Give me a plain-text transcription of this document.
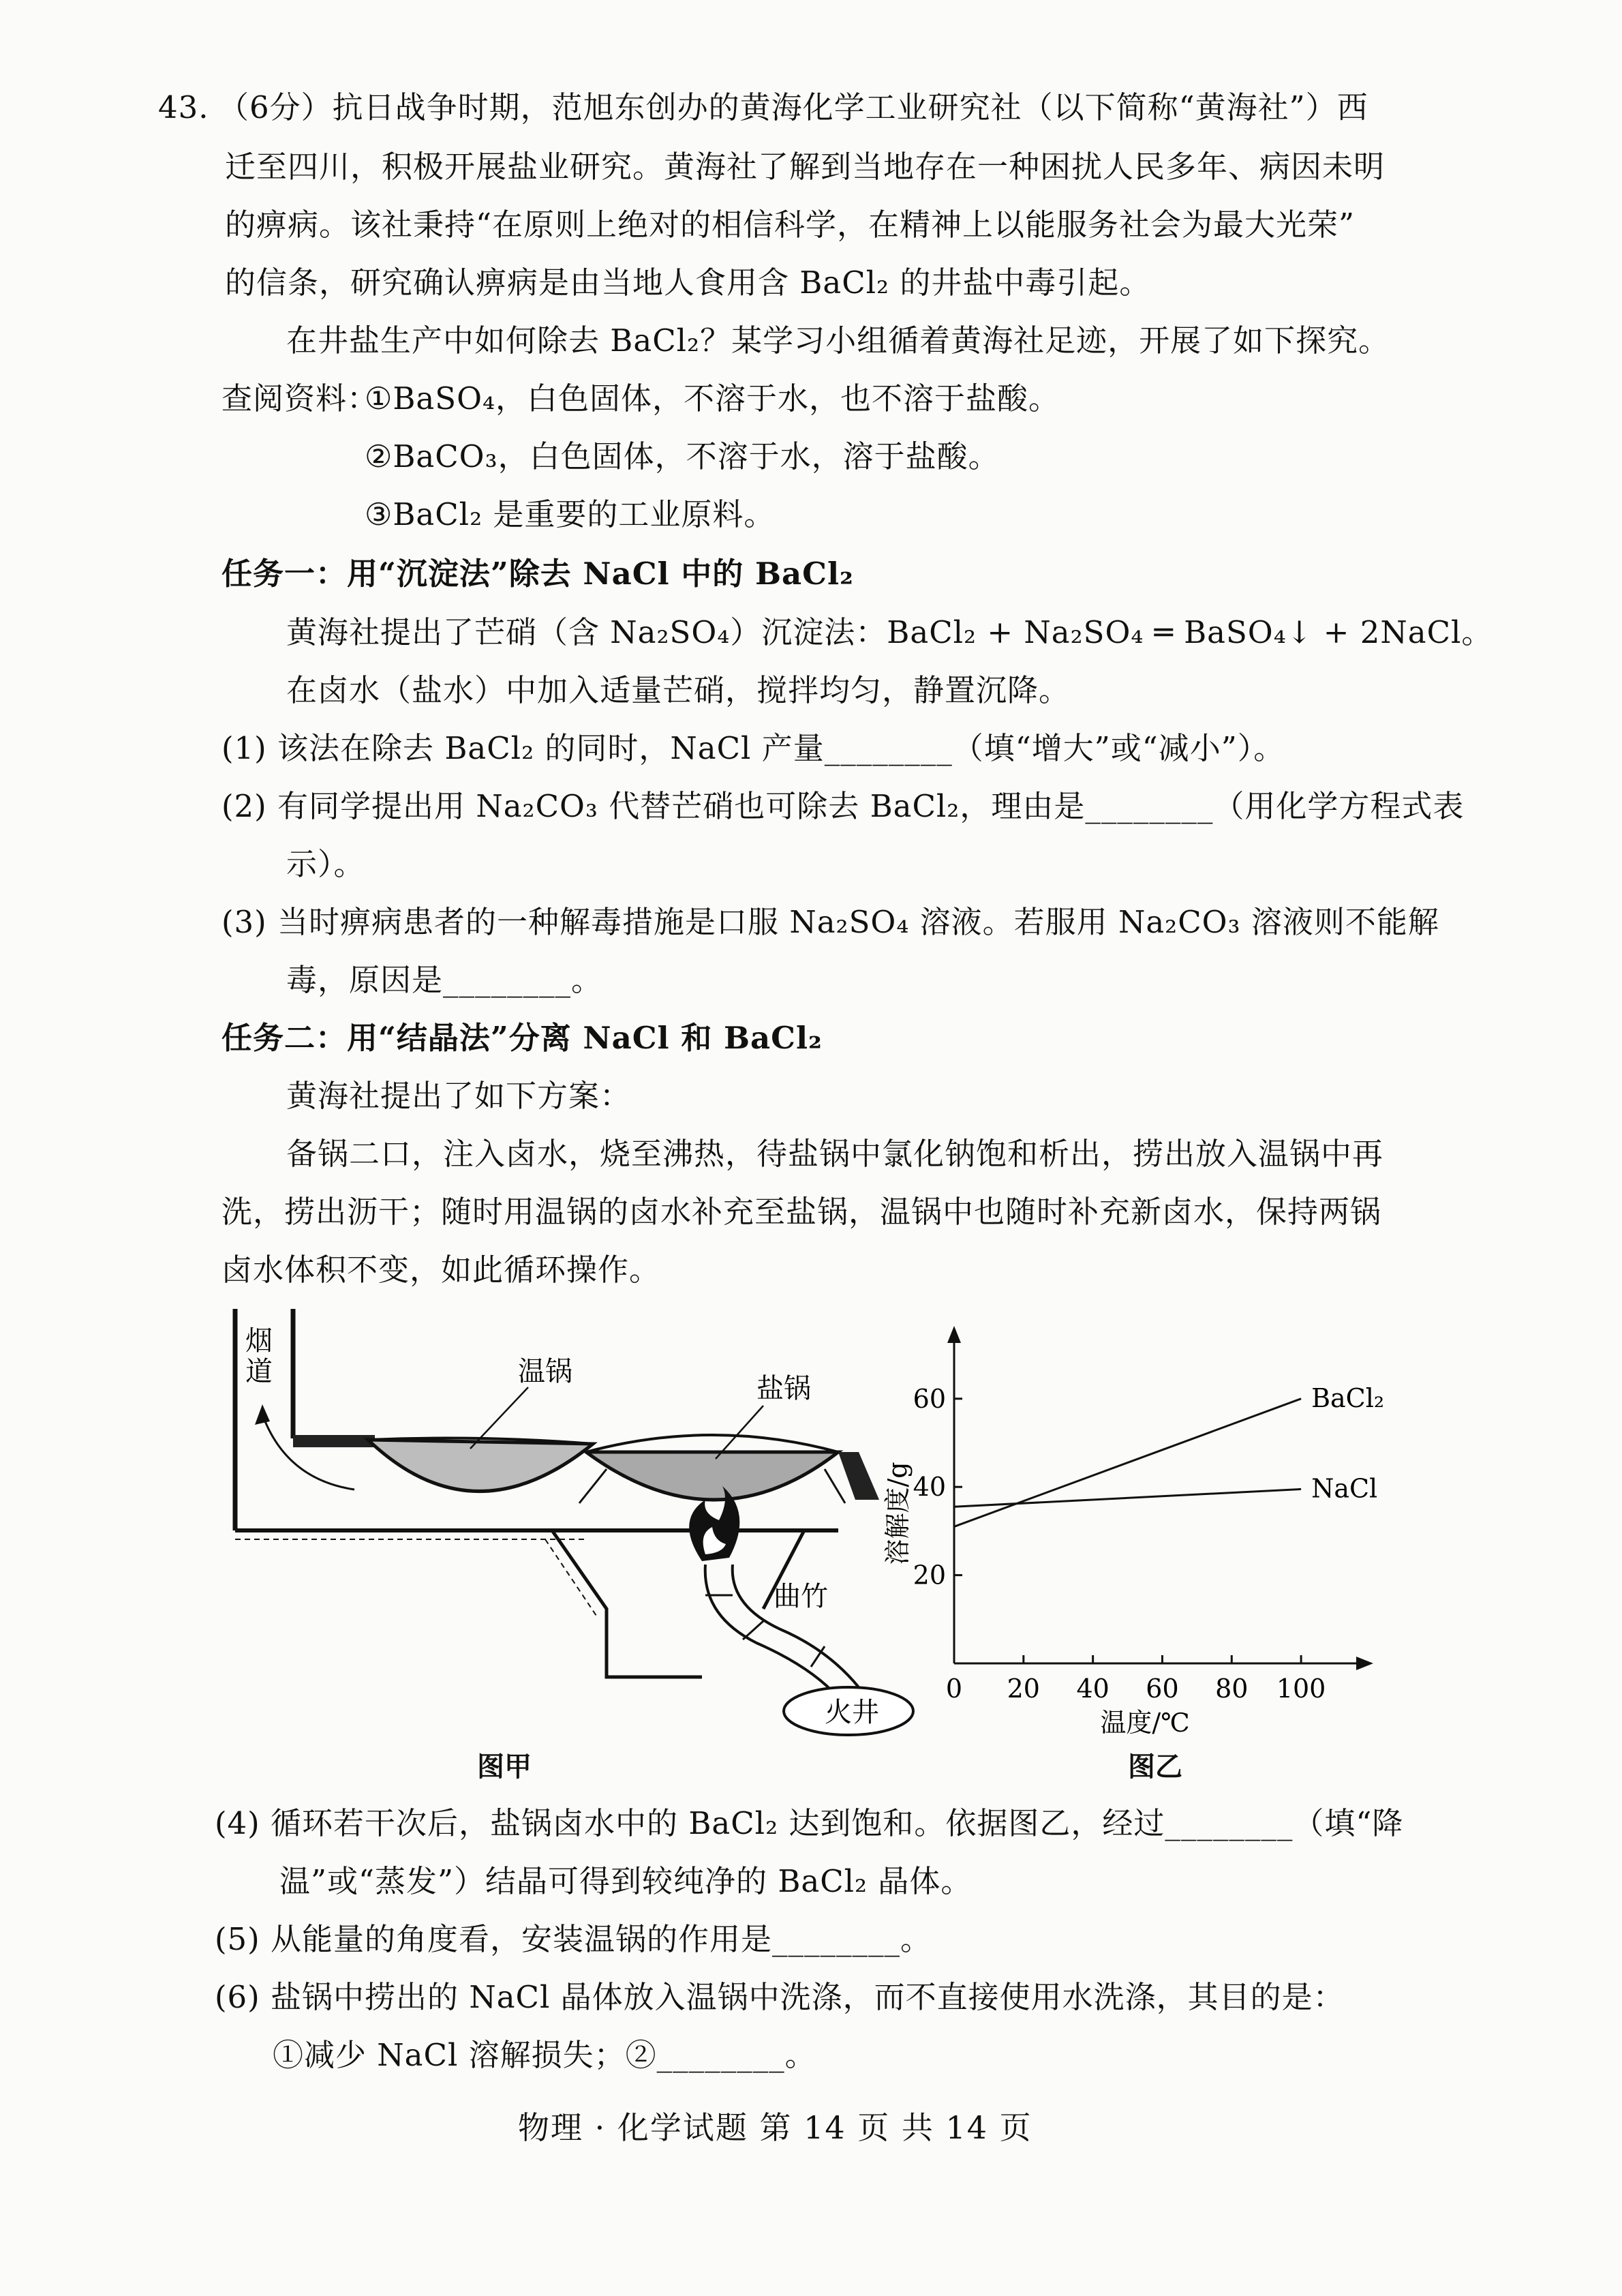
43. （6分）抗日战争时期，范旭东创办的黄海化学工业研究社（以下简称“黄海社”）西
迁至四川，积极开展盐业研究。黄海社了解到当地存在一种困扰人民多年、病因未明
的痹病。该社秉持“在原则上绝对的相信科学，在精神上以能服务社会为最大光荣”
的信条，研究确认痹病是由当地人食用含 BaCl₂ 的井盐中毒引起。
在井盐生产中如何除去 BaCl₂？某学习小组循着黄海社足迹，开展了如下探究。
查阅资料：
①BaSO₄，白色固体，不溶于水，也不溶于盐酸。
②BaCO₃，白色固体，不溶于水，溶于盐酸。
③BaCl₂ 是重要的工业原料。
任务一：用“沉淀法”除去 NaCl 中的 BaCl₂
黄海社提出了芒硝（含 Na₂SO₄）沉淀法：BaCl₂ + Na₂SO₄ ═ BaSO₄↓ + 2NaCl。
在卤水（盐水）中加入适量芒硝，搅拌均匀，静置沉降。
(1) 该法在除去 BaCl₂ 的同时，NaCl 产量________（填“增大”或“减小”）。
(2) 有同学提出用 Na₂CO₃ 代替芒硝也可除去 BaCl₂，理由是________（用化学方程式表
示）。
(3) 当时痹病患者的一种解毒措施是口服 Na₂SO₄ 溶液。若服用 Na₂CO₃ 溶液则不能解
毒，原因是________。
任务二：用“结晶法”分离 NaCl 和 BaCl₂
黄海社提出了如下方案：
备锅二口，注入卤水，烧至沸热，待盐锅中氯化钠饱和析出，捞出放入温锅中再
洗，捞出沥干；随时用温锅的卤水补充至盐锅，温锅中也随时补充新卤水，保持两锅
卤水体积不变，如此循环操作。
烟
道	温锅
盐锅
曲竹
火井
0 20 40 60 80 100
20
40
60	BaCl₂
NaCl
温度/℃
溶解度/g
图甲	图乙
(4) 循环若干次后，盐锅卤水中的 BaCl₂ 达到饱和。依据图乙，经过________（填“降
温”或“蒸发”）结晶可得到较纯净的 BaCl₂ 晶体。
(5) 从能量的角度看，安装温锅的作用是________。
(6) 盐锅中捞出的 NaCl 晶体放入温锅中洗涤，而不直接使用水洗涤，其目的是：
①减少 NaCl 溶解损失；②________。
物理 · 化学试题 第 14 页 共 14 页
